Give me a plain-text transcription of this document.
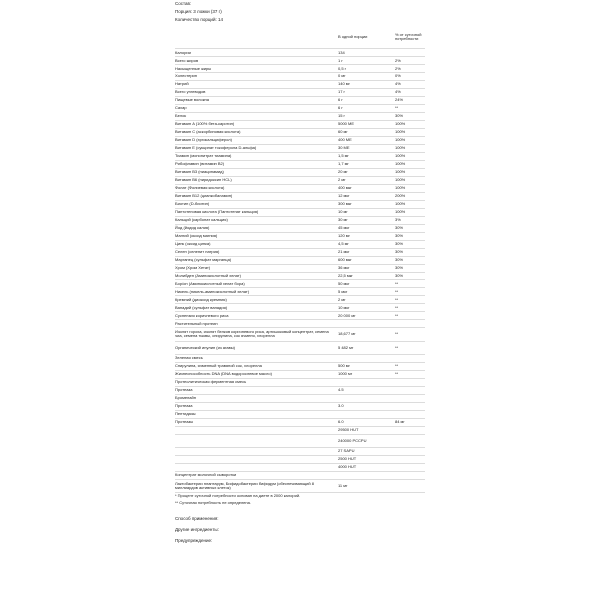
Состав:
Порция: 3 ложки (37 г)
Количество порций: 14
	В одной порции	% от суточной потребности
Калории	134	
Всего жиров	1 г	2%
Насыщенные жиры	0,5 г	2%
Холестерин	0 мг	0%
Натрий	140 мг	4%
Всего углеводов	17 г	4%
Пищевые волокна	6 г	24%
Сахар	6 г	**
Белок	15 г	30%
Витамин A (100% бета-каротин)	5000 МЕ	100%
Витамин C (аскорбиновая кислота)	60 мг	100%
Витамин D (эргокальциферол)	400 МЕ	100%
Витамин E (сукцинат токоферола D-альфа)	30 МЕ	100%
Тиамин (мононитрат тиамина)	1,5 мг	100%
Рибофлавин (витамин B2)	1,7 мг	100%
Витамин B3 (ниацинамид)	20 мг	100%
Витамин B6 (пиридоксин HCL)	2 мг	100%
Фолат (Фолиевая кислота)	400 мкг	100%
Витамин B12 (цианкобаламин)	12 мкг	200%
Биотин (D-биотин)	300 мкг	100%
Пантотеновая кислота (Пантотенат кальция)	10 мг	100%
Кальций (карбонат кальция)	30 мг	3%
Йод (йодид калия)	45 мкг	30%
Магний (оксид магния)	120 мг	30%
Цинк (оксид цинка)	4,5 мг	30%
Селен (селенит натрия)	21 мкг	30%
Марганец (сульфат марганца)	600 мкг	30%
Хром (Хром Хетат)	36 мкг	30%
Молибден (Аминокислотный хелат)	22,5 мкг	30%
Бор/он (Аминокислотный хелат бора)	50 мкг	**
Никель (никель-аминокислотный хелат)	5 мкг	**
Кремний (диоксид кремния)	2 мг	**
Ванадий (сульфат ванадия)	10 мкг	**
Суспензия коричневого риса	20 000 мг	**
Растительный протеин		
Изолят гороха, изолят белков коричневого риса, артишоковый концентрат, семена чиа, семена тыквы, спирулина, сок ячменя, хлорелла	18,677 мг	**
Органический инулин (из агавы)	5 482 мг	**
Зеленая смесь		
Спирулина, ячменный травяной сок, хлорелла	500 мг	**
Жизнеспособность DNA (DNA водорослевое масло)	1000 мг	**
Протеолитическая ферментная смесь		
Протеаза	4.5	
Бромелайн		
Протеаза	3.0	
Пептидазы		
Протеазы	6.0	84 мг
	29500 HUT	
	240000 PCCPU	
	27 SAPU	
	2500 HUT	
	4000 HUT	
Концентрат молочной сыворотки		
Лактобактерии плантарум, Бифидобактерии бифидум (обеспечивающий 8 миллиардов активных клеток)	11 мг	
* Процент суточной потребности основан на диете в 2000 калорий.
** Суточная потребность не определена.
Способ применения:
Другие ингредиенты:
Предупреждение:
